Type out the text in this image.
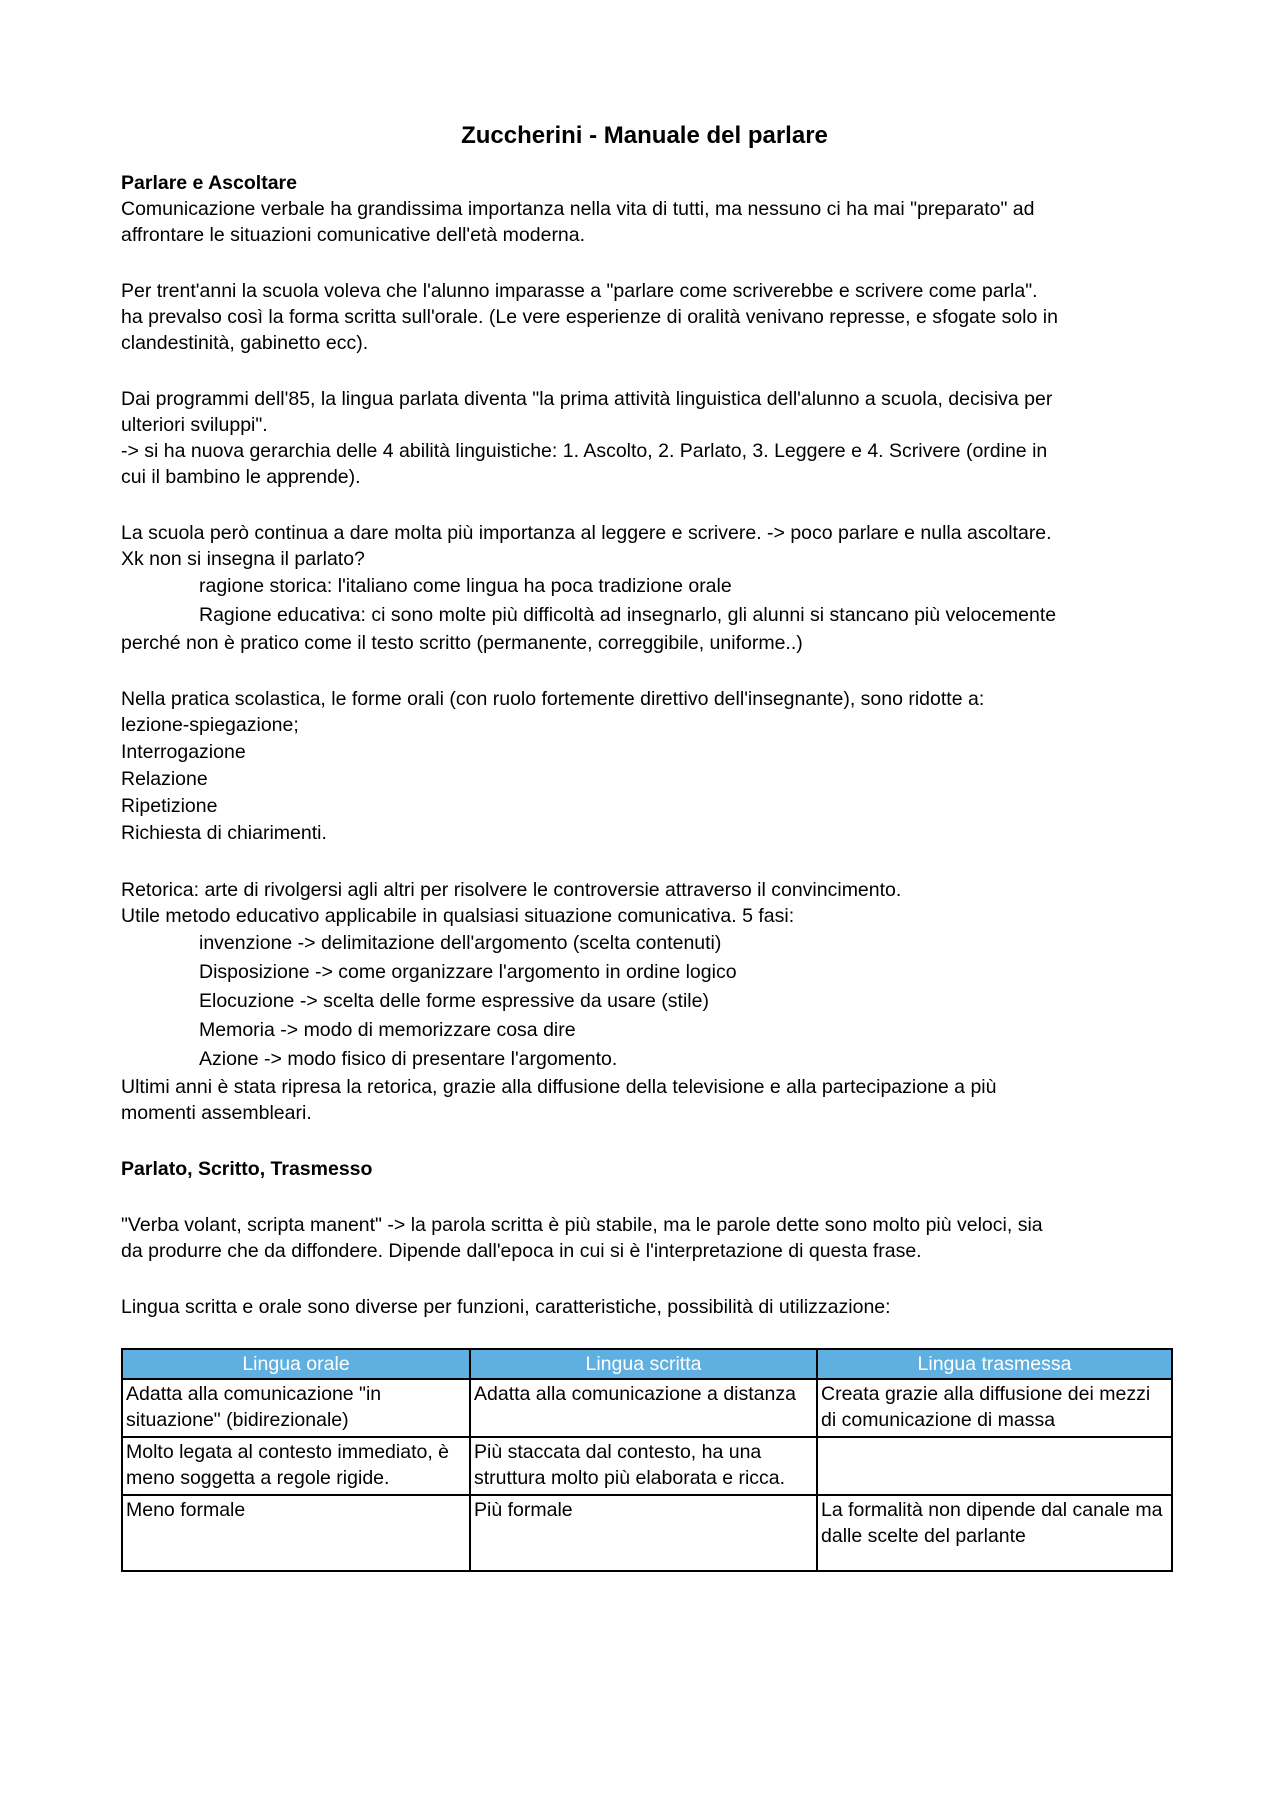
Zuccherini - Manuale del parlare

Parlare e Ascoltare

Comunicazione verbale ha grandissima importanza nella vita di tutti, ma nessuno ci ha mai "preparato" ad

affrontare le situazioni comunicative dell'età moderna.

Per trent'anni la scuola voleva che l'alunno imparasse a "parlare come scriverebbe e scrivere come parla".

ha prevalso così la forma scritta sull'orale. (Le vere esperienze di oralità venivano represse, e sfogate solo in

clandestinità, gabinetto ecc).

Dai programmi dell'85, la lingua parlata diventa "la prima attività linguistica dell'alunno a scuola, decisiva per

ulteriori sviluppi".

-> si ha nuova gerarchia delle 4 abilità linguistiche: 1. Ascolto, 2. Parlato, 3. Leggere e 4. Scrivere (ordine in

cui il bambino le apprende).

La scuola però continua a dare molta più importanza al leggere e scrivere. -> poco parlare e nulla ascoltare.

Xk non si insegna il parlato?

ragione storica: l'italiano come lingua ha poca tradizione orale

Ragione educativa: ci sono molte più difficoltà ad insegnarlo, gli alunni si stancano più velocemente

perché non è pratico come il testo scritto (permanente, correggibile, uniforme..)

Nella pratica scolastica, le forme orali (con ruolo fortemente direttivo dell'insegnante), sono ridotte a:

lezione-spiegazione;

Interrogazione

Relazione

Ripetizione

Richiesta di chiarimenti.

Retorica: arte di rivolgersi agli altri per risolvere le controversie attraverso il convincimento.

Utile metodo educativo applicabile in qualsiasi situazione comunicativa. 5 fasi:

invenzione -> delimitazione dell'argomento (scelta contenuti)

Disposizione -> come organizzare l'argomento in ordine logico

Elocuzione -> scelta delle forme espressive da usare (stile)

Memoria -> modo di memorizzare cosa dire

Azione -> modo fisico di presentare l'argomento.

Ultimi anni è stata ripresa la retorica, grazie alla diffusione della televisione e alla partecipazione a più

momenti assembleari.

Parlato, Scritto, Trasmesso

"Verba volant, scripta manent" -> la parola scritta è più stabile, ma le parole dette sono molto più veloci, sia

da produrre che da diffondere. Dipende dall'epoca in cui si è l'interpretazione di questa frase.

Lingua scritta e orale sono diverse per funzioni, caratteristiche, possibilità di utilizzazione:

Lingua orale	Lingua scritta	Lingua trasmessa
Adatta alla comunicazione "in situazione" (bidirezionale)	Adatta alla comunicazione a distanza	Creata grazie alla diffusione dei mezzi di comunicazione di massa
Molto legata al contesto immediato, è meno soggetta a regole rigide.	Più staccata dal contesto, ha una struttura molto più elaborata e ricca.	
Meno formale	Più formale	La formalità non dipende dal canale ma dalle scelte del parlante
